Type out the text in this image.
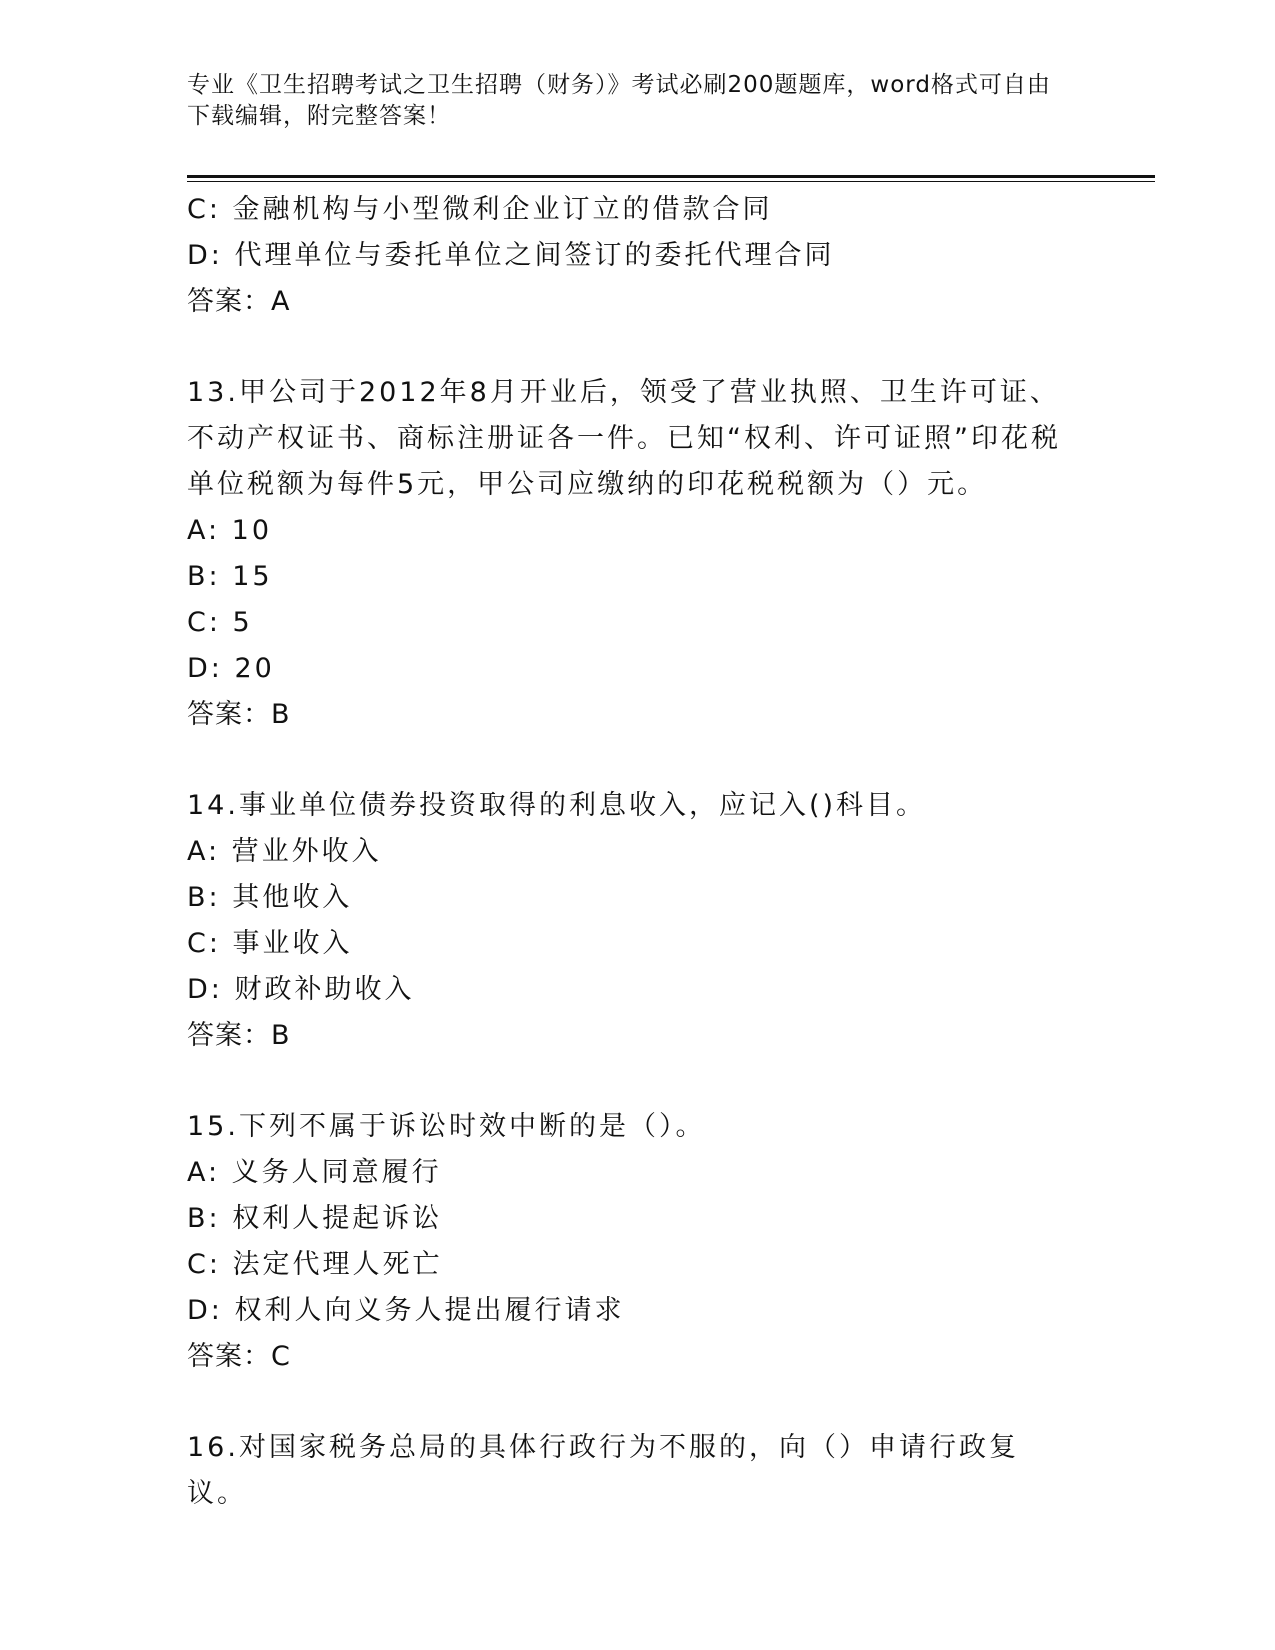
专业《卫生招聘考试之卫生招聘（财务）》考试必刷200题题库，word格式可自由下载编辑，附完整答案！
C: 金融机构与小型微利企业订立的借款合同
D: 代理单位与委托单位之间签订的委托代理合同
答案：A
13.甲公司于2012年8月开业后，领受了营业执照、卫生许可证、不动产权证书、商标注册证各一件。已知“权利、许可证照”印花税单位税额为每件5元，甲公司应缴纳的印花税税额为（）元。
A: 10
B: 15
C: 5
D: 20
答案：B
14.事业单位债券投资取得的利息收入，应记入()科目。
A: 营业外收入
B: 其他收入
C: 事业收入
D: 财政补助收入
答案：B
15.下列不属于诉讼时效中断的是（）。
A: 义务人同意履行
B: 权利人提起诉讼
C: 法定代理人死亡
D: 权利人向义务人提出履行请求
答案：C
16.对国家税务总局的具体行政行为不服的，向（）申请行政复议。
